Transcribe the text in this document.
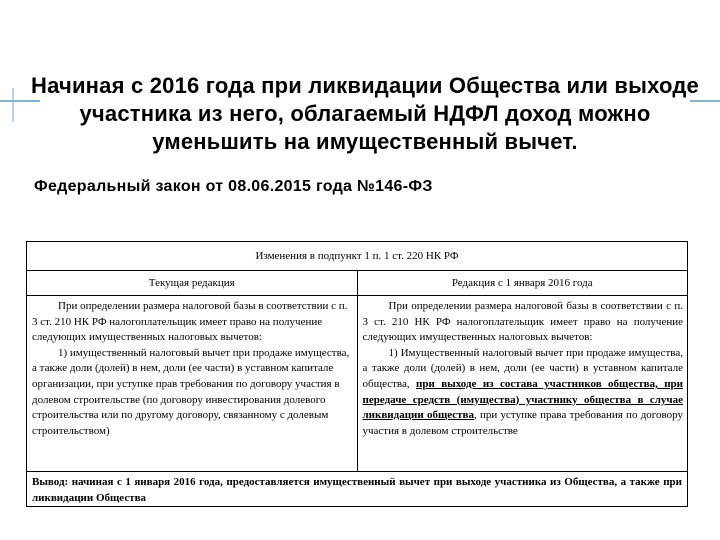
Начиная с 2016 года при ликвидации Общества или выходе участника из него, облагаемый НДФЛ доход можно уменьшить на имущественный вычет.

Федеральный закон от 08.06.2015 года №146-ФЗ

Изменения в подпункт 1 п. 1 ст. 220 НК РФ
Текущая редакция	Редакция с 1 января 2016 года

При определении размера налоговой базы в соответствии с п. 3 ст. 210 НК РФ налогоплательщик имеет право на получение следующих имущественных налоговых вычетов:

1) имущественный налоговый вычет при продаже имущества, а также доли (долей) в нем, доли (ее части) в уставном капитале организации, при уступке прав требования по договору участия в долевом строительстве (по договору инвестирования долевого строительства или по другому договору, связанному с долевым строительством)

При определении размера налоговой базы в соответствии с п. 3 ст. 210 НК РФ налогоплательщик имеет право на получение следующих имущественных налоговых вычетов:

1) Имущественный налоговый вычет при продаже имущества, а также доли (долей) в нем, доли (ее части) в уставном капитале общества, при выходе из состава участников общества, при передаче средств (имущества) участнику общества в случае ликвидации общества, при уступке права требования по договору участия в долевом строительстве

Вывод: начиная с 1 января 2016 года, предоставляется имущественный вычет при выходе участника из Общества, а также при ликвидации Общества
